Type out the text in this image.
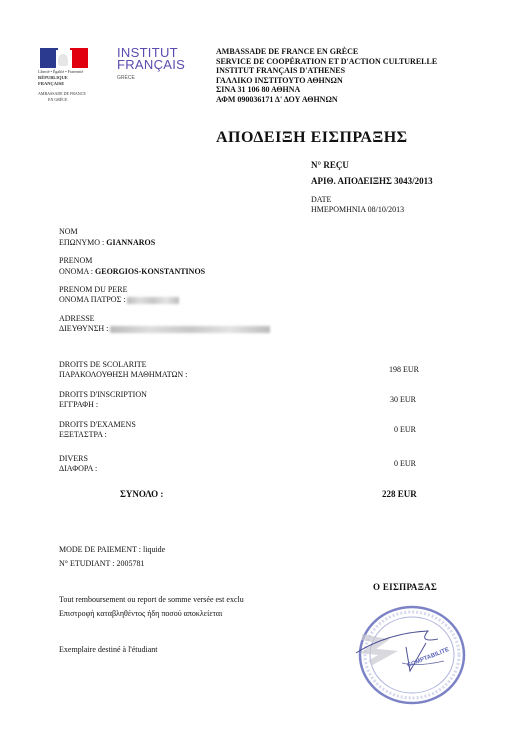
Liberté • Égalité • Fraternité
RÉPUBLIQUE FRANÇAISE
AMBASSADE DE FRANCE
EN GRÈCE
INSTITUT
FRANÇAIS
GRÈCE
AMBASSADE DE FRANCE EN GRÈCE
SERVICE DE COOPÉRATION ET D'ACTION CULTURELLE
INSTITUT FRANÇAIS D'ATHENES
ΓΑΛΛΙΚΟ ΙΝΣΤΙΤΟΥΤΟ ΑΘΗΝΩΝ
ΣΙΝΑ 31 106 80 ΑΘΗΝΑ
ΑΦΜ 090036171 Δ' ΔΟΥ ΑΘΗΝΩΝ
ΑΠΟΔΕΙΞΗ ΕΙΣΠΡΑΞΗΣ
N° REÇU
ΑΡΙΘ. ΑΠΟΔΕΙΞΗΣ 3043/2013
DATE
ΗΜΕΡΟΜΗΝΙΑ 08/10/2013
NOM
ΕΠΩΝΥΜΟ : GIANNAROS
PRENOM
ΟΝΟΜΑ : GEORGIOS-KONSTANTINOS
PRENOM DU PERE
ΟΝΟΜΑ ΠΑΤΡΟΣ :
ADRESSE
ΔΙΕΥΘΥΝΣΗ :
DROITS DE SCOLARITE
ΠΑΡΑΚΟΛΟΥΘΗΣΗ ΜΑΘΗΜΑΤΩΝ :
198 EUR
DROITS D'INSCRIPTION
ΕΓΓΡΑΦΗ :
30 EUR
DROITS D'EXAMENS
ΕΞΕΤΑΣΤΡΑ :
0 EUR
DIVERS
ΔΙΑΦΟΡΑ :
0 EUR
ΣΥΝΟΛΟ :	228 EUR
MODE DE PAIEMENT : liquide
N° ETUDIANT : 2005781
Ο ΕΙΣΠΡΑΞΑΣ
Tout remboursement ou report de somme versée est exclu
Επιστροφή καταβληθέντος ήδη ποσού αποκλείεται
Exemplaire destiné à l'étudiant	COMPTABILITE
